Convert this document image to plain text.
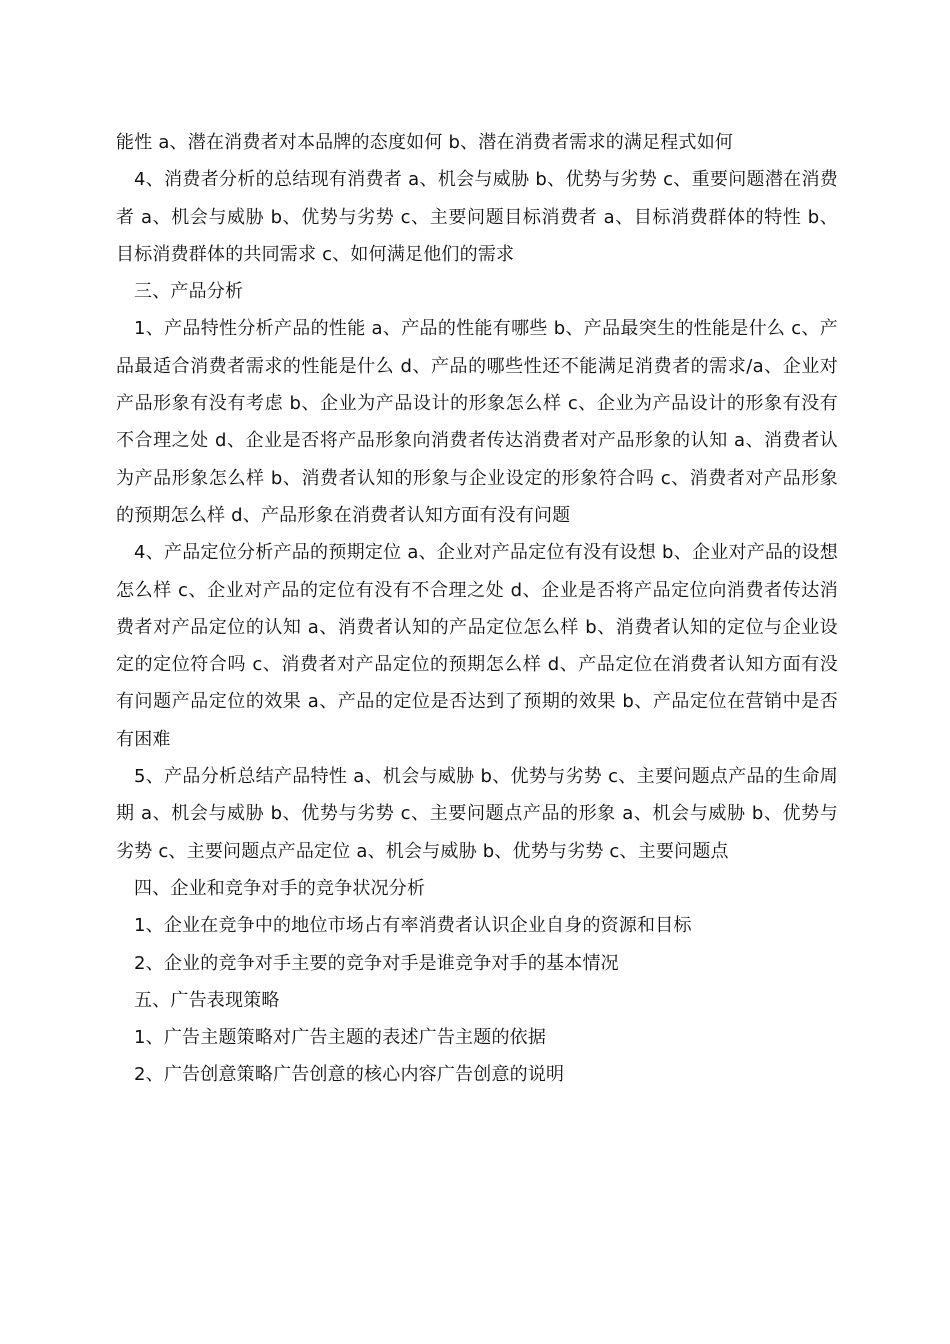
能性 a、潜在消费者对本品牌的态度如何 b、潜在消费者需求的满足程式如何

4、消费者分析的总结现有消费者 a、机会与威胁 b、优势与劣势 c、重要问题潜在消费者 a、机会与威胁 b、优势与劣势 c、主要问题目标消费者 a、目标消费群体的特性 b、目标消费群体的共同需求 c、如何满足他们的需求

三、产品分析

1、产品特性分析产品的性能 a、产品的性能有哪些 b、产品最突生的性能是什么 c、产品最适合消费者需求的性能是什么 d、产品的哪些性还不能满足消费者的需求/a、企业对产品形象有没有考虑 b、企业为产品设计的形象怎么样 c、企业为产品设计的形象有没有不合理之处 d、企业是否将产品形象向消费者传达消费者对产品形象的认知 a、消费者认为产品形象怎么样 b、消费者认知的形象与企业设定的形象符合吗 c、消费者对产品形象的预期怎么样 d、产品形象在消费者认知方面有没有问题

4、产品定位分析产品的预期定位 a、企业对产品定位有没有设想 b、企业对产品的设想怎么样 c、企业对产品的定位有没有不合理之处 d、企业是否将产品定位向消费者传达消费者对产品定位的认知 a、消费者认知的产品定位怎么样 b、消费者认知的定位与企业设定的定位符合吗 c、消费者对产品定位的预期怎么样 d、产品定位在消费者认知方面有没有问题产品定位的效果 a、产品的定位是否达到了预期的效果 b、产品定位在营销中是否有困难

5、产品分析总结产品特性 a、机会与威胁 b、优势与劣势 c、主要问题点产品的生命周期 a、机会与威胁 b、优势与劣势 c、主要问题点产品的形象 a、机会与威胁 b、优势与劣势 c、主要问题点产品定位 a、机会与威胁 b、优势与劣势 c、主要问题点

四、企业和竞争对手的竞争状况分析

1、企业在竞争中的地位市场占有率消费者认识企业自身的资源和目标

2、企业的竞争对手主要的竞争对手是谁竞争对手的基本情况

五、广告表现策略

1、广告主题策略对广告主题的表述广告主题的依据

2、广告创意策略广告创意的核心内容广告创意的说明
